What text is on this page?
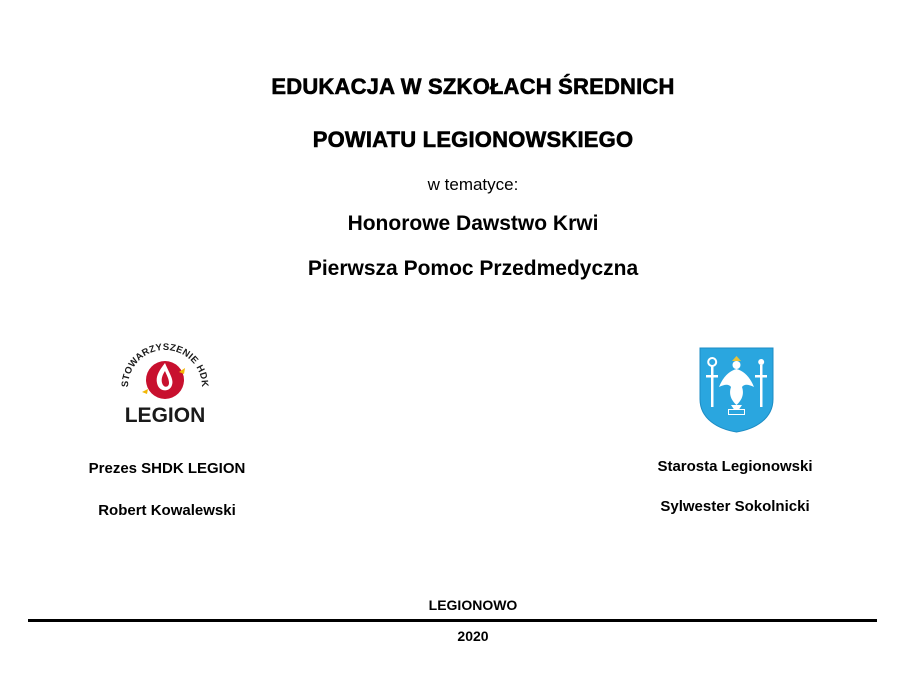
EDUKACJA W SZKOŁACH ŚREDNICH
POWIATU LEGIONOWSKIEGO
w tematyce:
Honorowe Dawstwo Krwi
Pierwsza Pomoc Przedmedyczna
STOWARZYSZENIE HDK
LEGION
Prezes SHDK LEGION
Robert Kowalewski
Starosta Legionowski
Sylwester Sokolnicki
LEGIONOWO
2020
